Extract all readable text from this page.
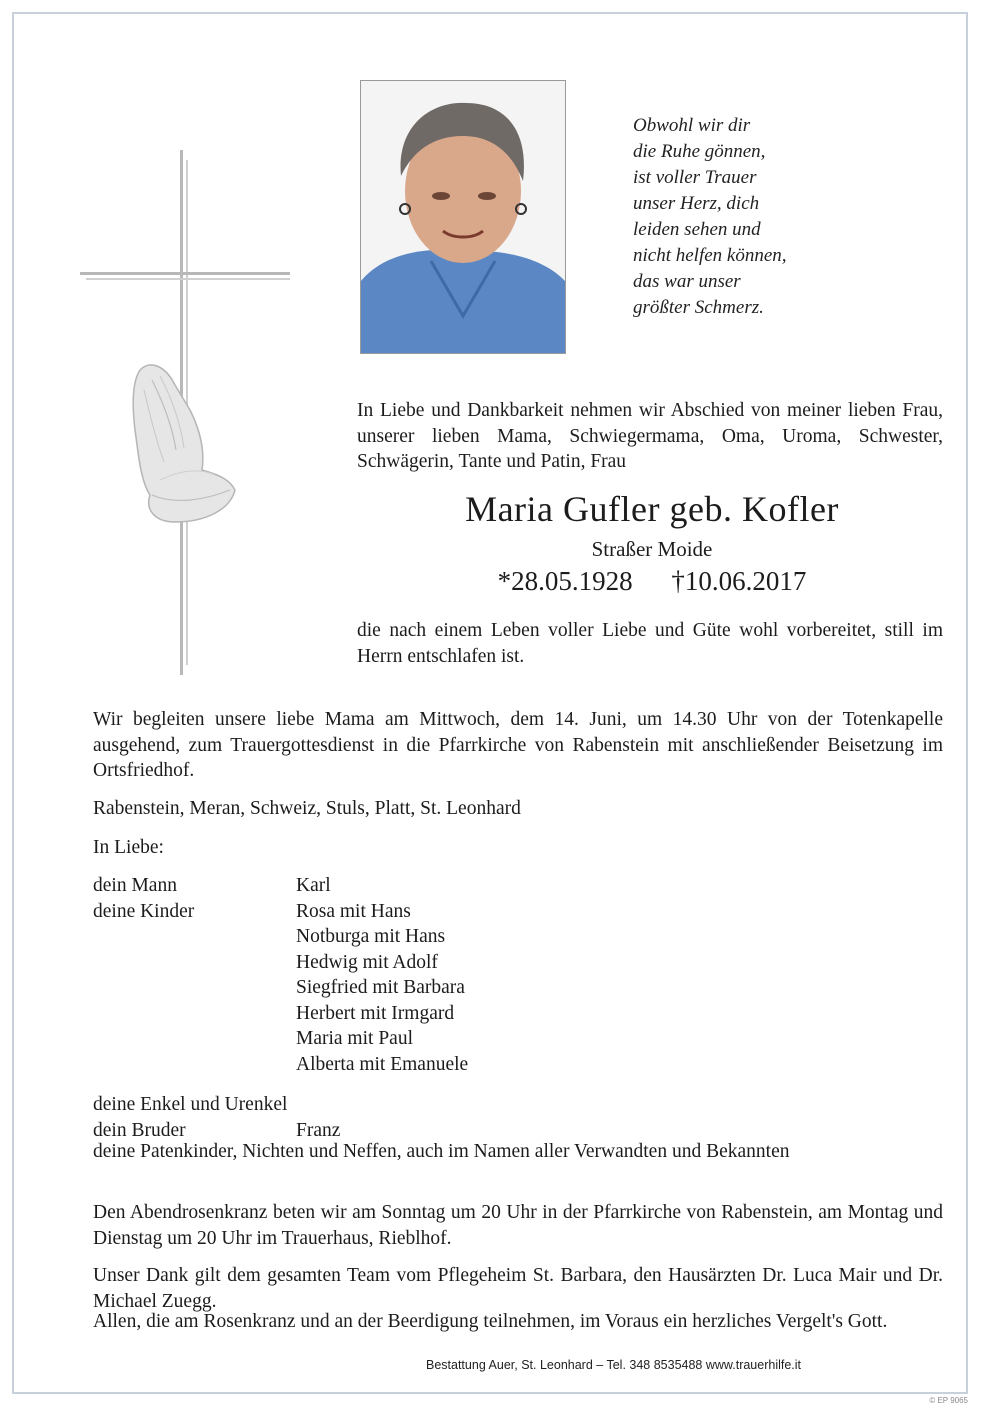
Obwohl wir dir
die Ruhe gönnen,
ist voller Trauer
unser Herz, dich
leiden sehen und
nicht helfen können,
das war unser
größter Schmerz.

In Liebe und Dankbarkeit nehmen wir Abschied von meiner lieben Frau, unserer lieben Mama, Schwiegermama, Oma, Uroma, Schwester, Schwägerin, Tante und Patin, Frau

Maria Gufler geb. Kofler
Straßer Moide
*28.05.1928 †10.06.2017

die nach einem Leben voller Liebe und Güte wohl vorbereitet, still im Herrn entschlafen ist.

Wir begleiten unsere liebe Mama am Mittwoch, dem 14. Juni, um 14.30 Uhr von der Totenkapelle ausgehend, zum Trauergottesdienst in die Pfarrkirche von Rabenstein mit anschließender Beisetzung im Ortsfriedhof.

Rabenstein, Meran, Schweiz, Stuls, Platt, St. Leonhard

In Liebe:

dein Mann	Karl
deine Kinder	Rosa mit Hans
Notburga mit Hans
Hedwig mit Adolf
Siegfried mit Barbara
Herbert mit Irmgard
Maria mit Paul
Alberta mit Emanuele
deine Enkel und Urenkel
dein Bruder	Franz

deine Patenkinder, Nichten und Neffen, auch im Namen aller Verwandten und Bekannten

Den Abendrosenkranz beten wir am Sonntag um 20 Uhr in der Pfarrkirche von Rabenstein, am Montag und Dienstag um 20 Uhr im Trauerhaus, Rieblhof.

Unser Dank gilt dem gesamten Team vom Pflegeheim St. Barbara, den Hausärzten Dr. Luca Mair und Dr. Michael Zuegg.

Allen, die am Rosenkranz und an der Beerdigung teilnehmen, im Voraus ein herzliches Vergelt's Gott.

Bestattung Auer, St. Leonhard – Tel. 348 8535488 www.trauerhilfe.it
© EP 9065
